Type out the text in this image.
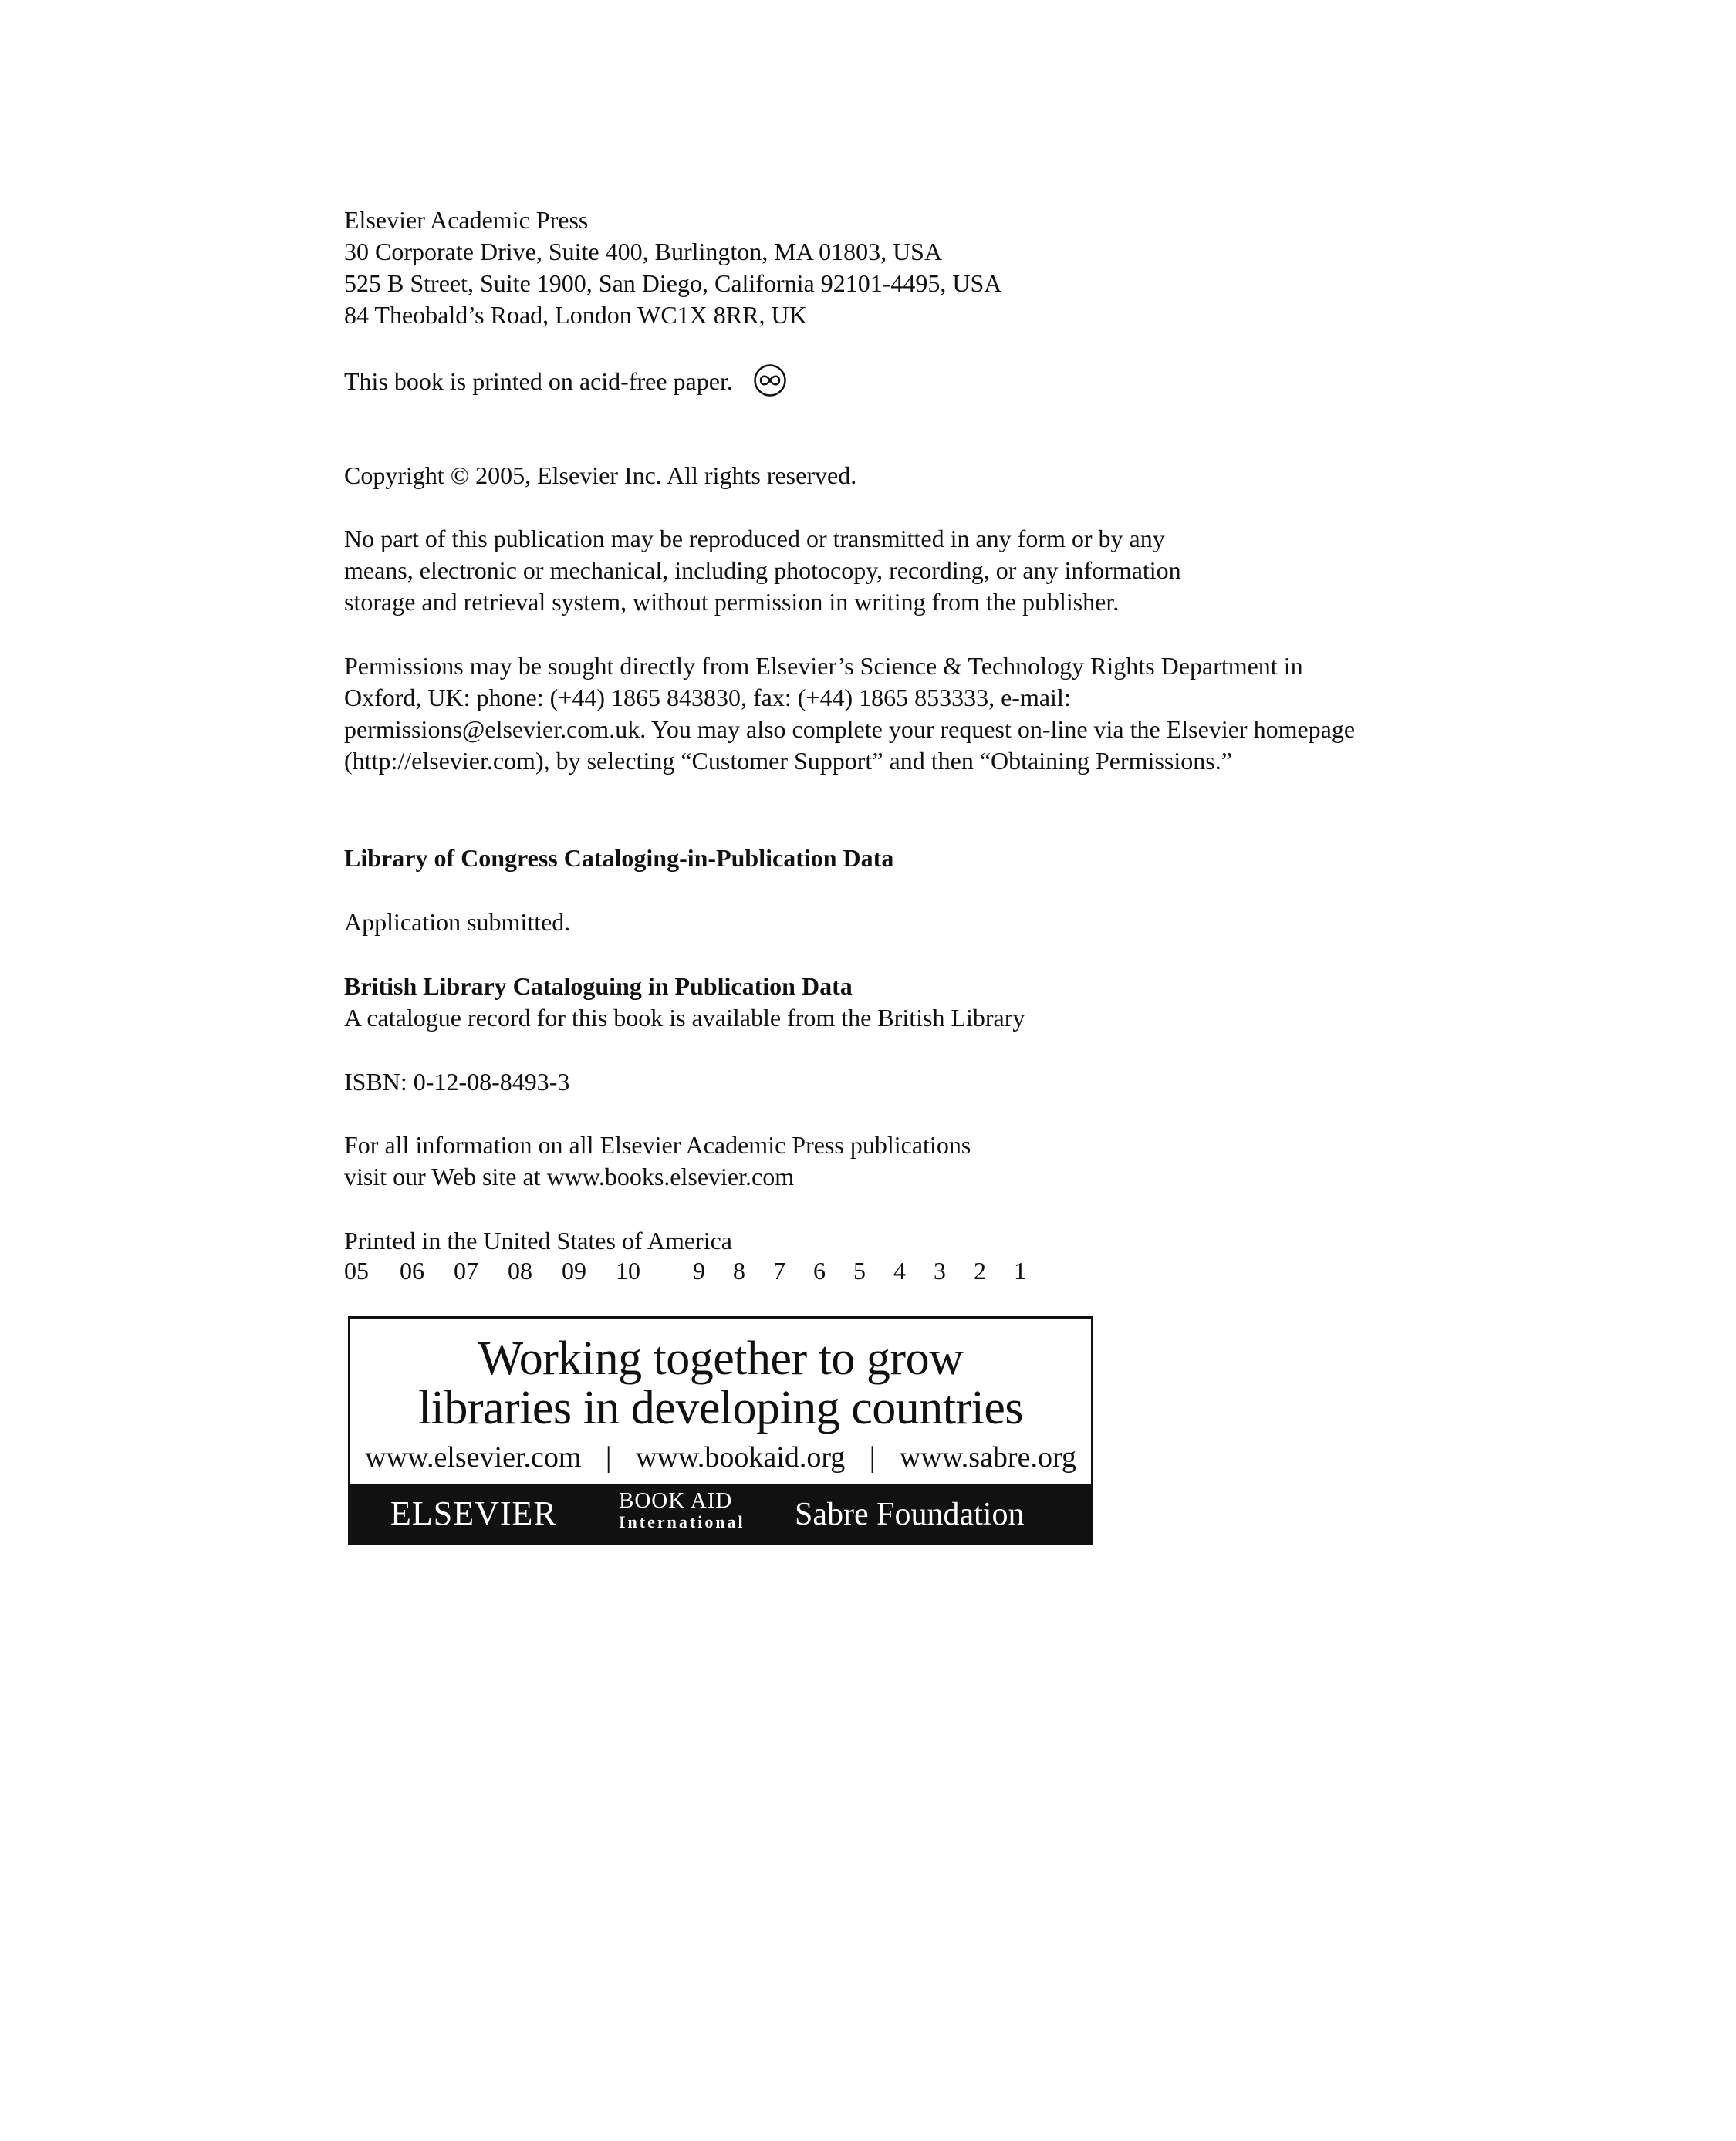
Elsevier Academic Press
30 Corporate Drive, Suite 400, Burlington, MA 01803, USA
525 B Street, Suite 1900, San Diego, California 92101-4495, USA
84 Theobald’s Road, London WC1X 8RR, UK
This book is printed on acid-free paper.
Copyright © 2005, Elsevier Inc. All rights reserved.
No part of this publication may be reproduced or transmitted in any form or by any
means, electronic or mechanical, including photocopy, recording, or any information
storage and retrieval system, without permission in writing from the publisher.
Permissions may be sought directly from Elsevier’s Science & Technology Rights Department in
Oxford, UK: phone: (+44) 1865 843830, fax: (+44) 1865 853333, e-mail:
permissions@elsevier.com.uk. You may also complete your request on-line via the Elsevier homepage
(http://elsevier.com), by selecting “Customer Support” and then “Obtaining Permissions.”
Library of Congress Cataloging-in-Publication Data
Application submitted.
British Library Cataloguing in Publication Data
A catalogue record for this book is available from the British Library
ISBN: 0-12-08-8493-3
For all information on all Elsevier Academic Press publications
visit our Web site at www.books.elsevier.com
Printed in the United States of America
05 06 07 08 09 10 9 8 7 6 5 4 3 2 1
Working together to grow
libraries in developing countries
www.elsevier.com | www.bookaid.org | www.sabre.org
ELSEVIER	BOOK AID
International Sabre Foundation
